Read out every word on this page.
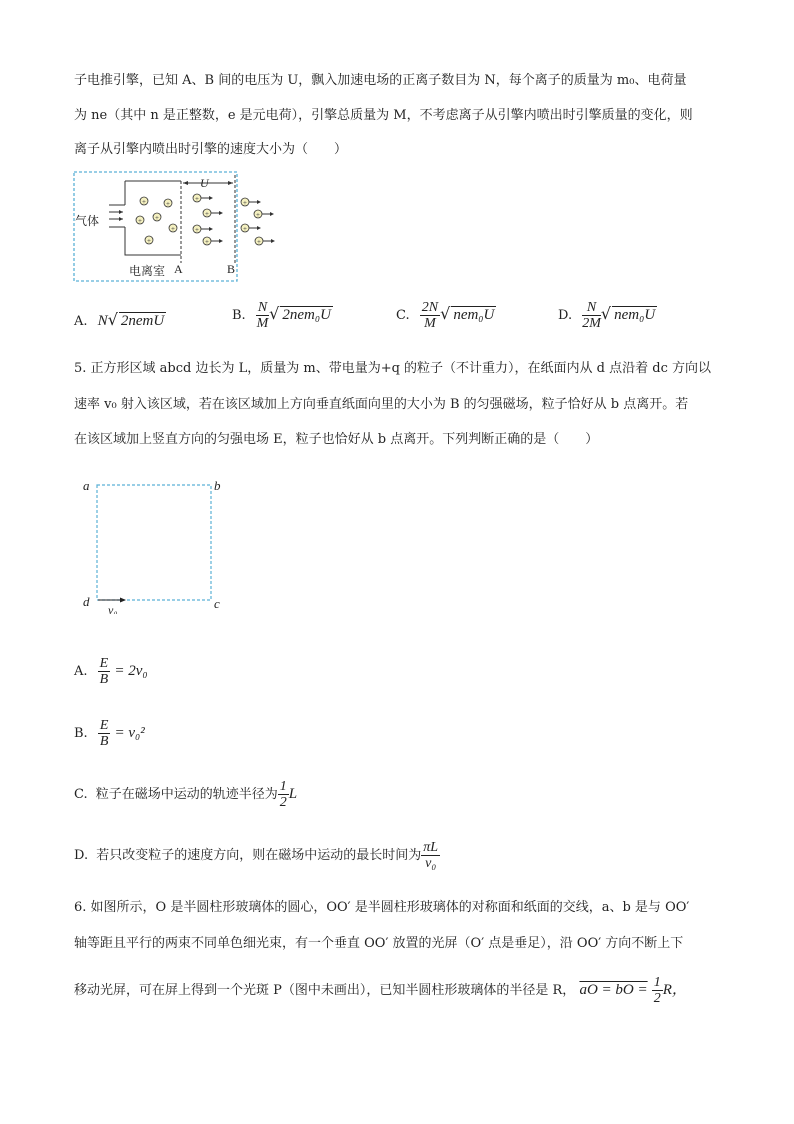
子电推引擎，已知 A、B 间的电压为 U，飘入加速电场的正离子数目为 N，每个离子的质量为 m₀、电荷量
为 ne（其中 n 是正整数，e 是元电荷），引擎总质量为 M，不考虑离子从引擎内喷出时引擎质量的变化，则
离子从引擎内喷出时引擎的速度大小为（　　）
U
气体
+	+
+ +
+
+
+
+
+
+
+
+
+
+
电离室 A	B
A. N√ 2nemU	B. $\frac{N}{M}$ √ 2nem₀U	C. $\frac{2N}{M}$ √ nem₀U	D. $\frac{N}{2M}$ √ nem₀U
5. 正方形区域 abcd 边长为 L，质量为 m、带电量为+q 的粒子（不计重力），在纸面内从 d 点沿着 dc 方向以
速率 v₀ 射入该区域，若在该区域加上方向垂直纸面向里的大小为 B 的匀强磁场，粒子恰好从 b 点离开。若
在该区域加上竖直方向的匀强电场 E，粒子也恰好从 b 点离开。下列判断正确的是（　　）
a	b
c
d
v₀
A. $\frac{E}{B} = 2v_0$
B. $\frac{E}{B} = v_0^2$
C. 粒子在磁场中运动的轨迹半径为 $\frac{1}{2}$ L
D. 若只改变粒子的速度方向，则在磁场中运动的最长时间为 $\frac{\pi L}{\text{v₀}}$
6. 如图所示，O 是半圆柱形玻璃体的圆心，OO′ 是半圆柱形玻璃体的对称面和纸面的交线，a、b 是与 OO′
轴等距且平行的两束不同单色细光束，有一个垂直 OO′ 放置的光屏（O′ 点是垂足），沿 OO′ 方向不断上下
移动光屏，可在屏上得到一个光斑 P（图中未画出），已知半圆柱形玻璃体的半径是 R， aO = bO = $\frac{1}{2}$ R，
